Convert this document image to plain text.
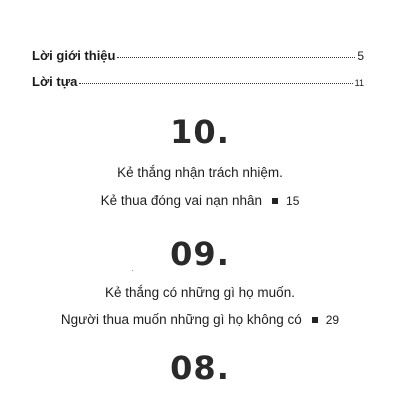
Lời giới thiệu	5
Lời tựa	11
10.
Kẻ thắng nhận trách nhiệm.
Kẻ thua đóng vai nạn nhân 15
09.
Kẻ thắng có những gì họ muốn.
Người thua muốn những gì họ không có 29
08.
